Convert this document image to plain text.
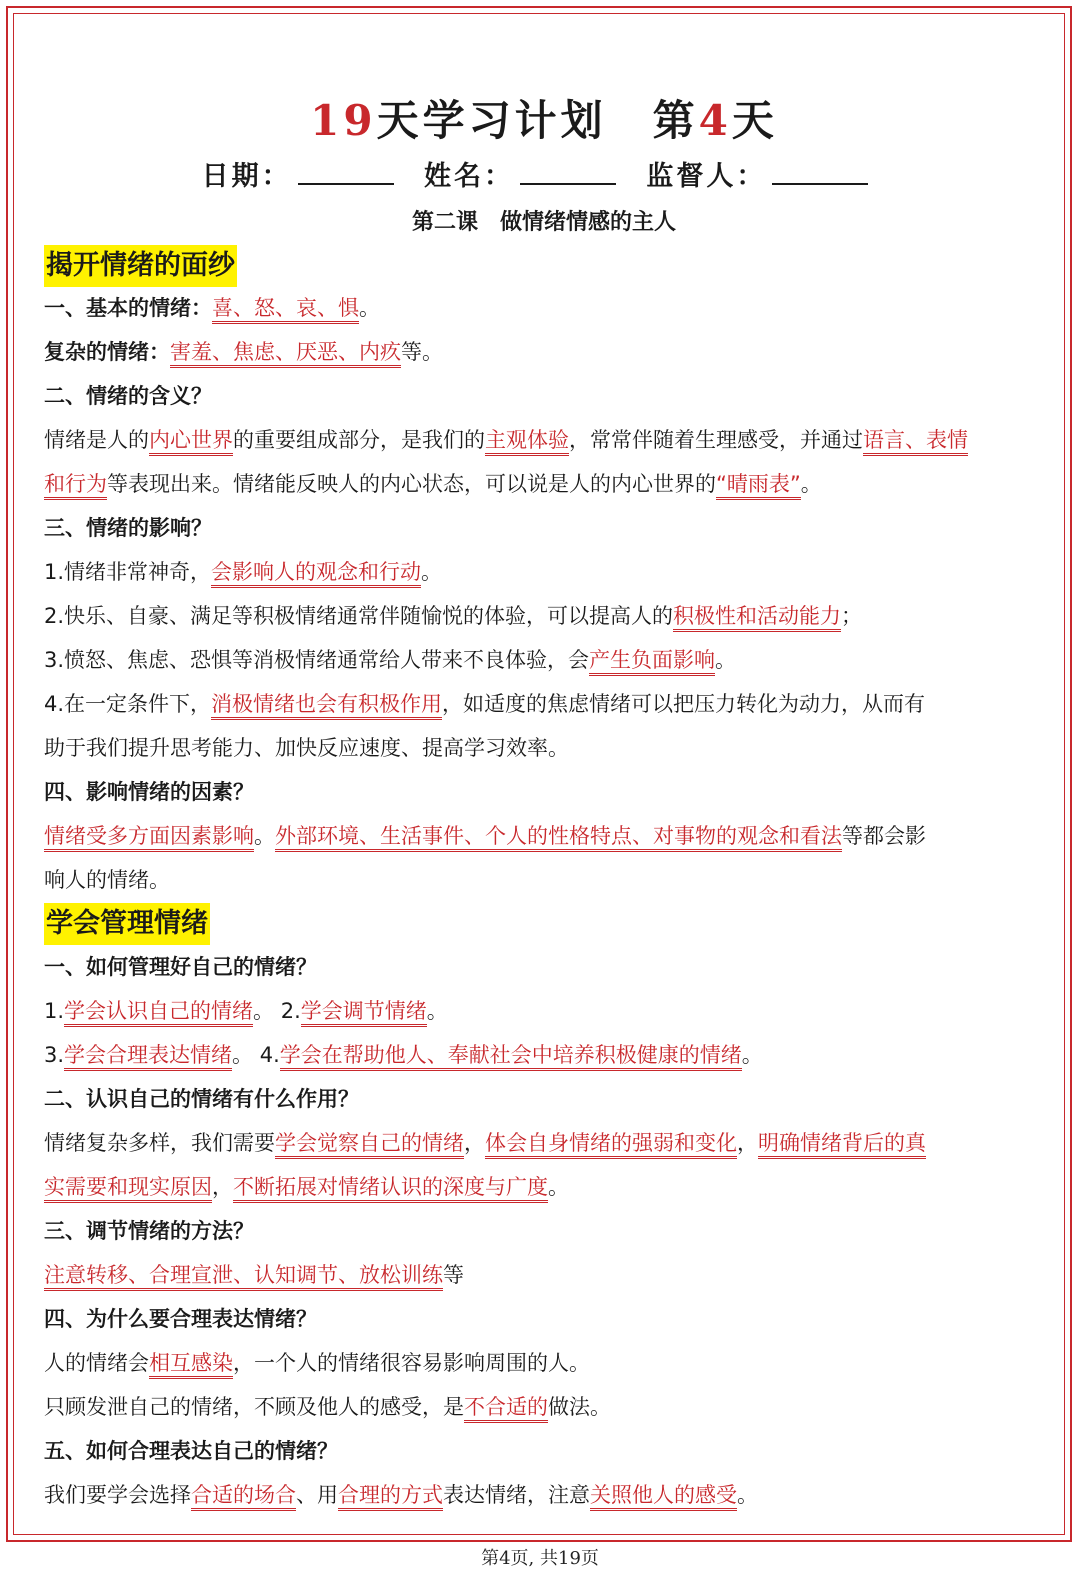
19天学习计划 第4天
日期：	姓名：	监督人：
第二课 做情绪情感的主人
揭开情绪的面纱
一、基本的情绪：喜、怒、哀、惧。
复杂的情绪：害羞、焦虑、厌恶、内疚等。
二、情绪的含义？
情绪是人的内心世界的重要组成部分，是我们的主观体验，常常伴随着生理感受，并通过语言、表情
和行为等表现出来。情绪能反映人的内心状态，可以说是人的内心世界的“晴雨表”。
三、情绪的影响？
1.情绪非常神奇，会影响人的观念和行动。
2.快乐、自豪、满足等积极情绪通常伴随愉悦的体验，可以提高人的积极性和活动能力；
3.愤怒、焦虑、恐惧等消极情绪通常给人带来不良体验，会产生负面影响。
4.在一定条件下，消极情绪也会有积极作用，如适度的焦虑情绪可以把压力转化为动力，从而有
助于我们提升思考能力、加快反应速度、提高学习效率。
四、影响情绪的因素？
情绪受多方面因素影响。外部环境、生活事件、个人的性格特点、对事物的观念和看法等都会影
响人的情绪。
学会管理情绪
一、如何管理好自己的情绪？
1.学会认识自己的情绪。 2.学会调节情绪。
3.学会合理表达情绪。 4.学会在帮助他人、奉献社会中培养积极健康的情绪。
二、认识自己的情绪有什么作用？
情绪复杂多样，我们需要学会觉察自己的情绪，体会自身情绪的强弱和变化，明确情绪背后的真
实需要和现实原因，不断拓展对情绪认识的深度与广度。
三、调节情绪的方法？
注意转移、合理宣泄、认知调节、放松训练等
四、为什么要合理表达情绪？
人的情绪会相互感染，一个人的情绪很容易影响周围的人。
只顾发泄自己的情绪，不顾及他人的感受，是不合适的做法。
五、如何合理表达自己的情绪？
我们要学会选择合适的场合、用合理的方式表达情绪，注意关照他人的感受。
第4页, 共19页
